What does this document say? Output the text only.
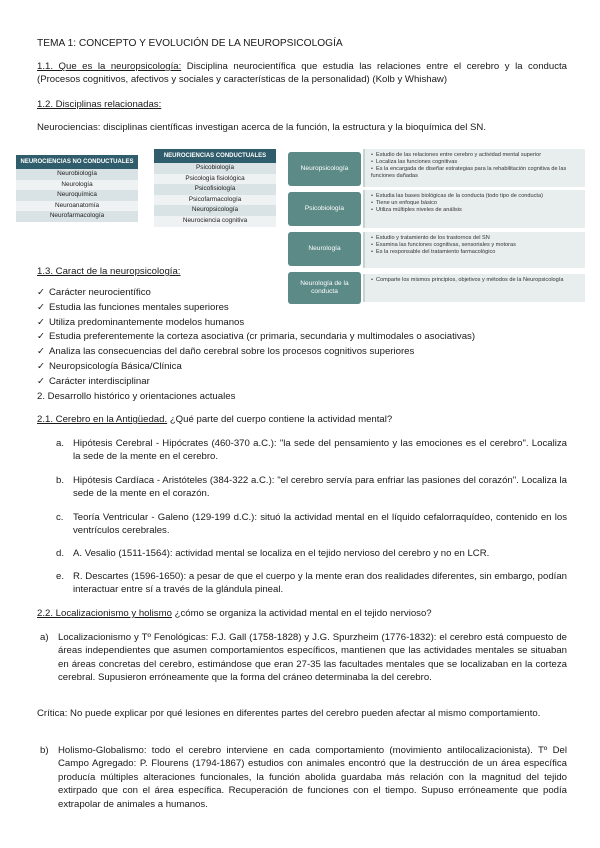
TEMA 1: CONCEPTO Y EVOLUCIÓN DE LA NEUROPSICOLOGÍA
1.1. Que es la neuropsicología: Disciplina neurocientífica que estudia las relaciones entre el cerebro y la conducta (Procesos cognitivos, afectivos y sociales y características de la personalidad) (Kolb y Whishaw)
1.2. Disciplinas relacionadas:
Neurociencias: disciplinas científicas investigan acerca de la función, la estructura y la bioquímica del SN.
NEUROCIENCIAS NO CONDUCTUALES
Neurobiología
Neurología
Neuroquímica
Neuroanatomía
Neurofarmacología
NEUROCIENCIAS CONDUCTUALES
Psicobiología
Psicología fisiológica
Psicofisiología
Psicofarmacología
Neuropsicología
Neurociencia cognitiva
Neuropsicología
• Estudio de las relaciones entre cerebro y actividad mental superior
• Localiza las funciones cognitivas
• Es la encargada de diseñar estrategias para la rehabilitación cognitiva de las funciones dañadas
Psicobiología
• Estudia las bases biológicas de la conducta (todo tipo de conducta)
• Tiene un enfoque básico
• Utiliza múltiples niveles de análisis
Neurología
• Estudio y tratamiento de los trastornos del SN
• Examina las funciones cognitivas, sensoriales y motoras
• Es la responsable del tratamiento farmacológico
Neurología de la conducta
• Comparte los mismos principios, objetivos y métodos de la Neuropsicología
1.3. Caract de la neuropsicología:
✓ Carácter neurocientífico
✓ Estudia las funciones mentales superiores
✓ Utiliza predominantemente modelos humanos
✓ Estudia preferentemente la corteza asociativa (cr primaria, secundaria y multimodales o asociativas)
✓ Analiza las consecuencias del daño cerebral sobre los procesos cognitivos superiores
✓ Neuropsicología Básica/Clínica
✓ Carácter interdisciplinar
2. Desarrollo histórico y orientaciones actuales
2.1. Cerebro en la Antigüedad. ¿Qué parte del cuerpo contiene la actividad mental?
a. Hipótesis Cerebral - Hipócrates (460-370 a.C.): "la sede del pensamiento y las emociones es el cerebro". Localiza la sede de la mente en el cerebro.
b. Hipótesis Cardíaca - Aristóteles (384-322 a.C.): "el cerebro servía para enfriar las pasiones del corazón". Localiza la sede de la mente en el corazón.
c. Teoría Ventricular - Galeno (129-199 d.C.): situó la actividad mental en el líquido cefalorraquídeo, contenido en los ventrículos cerebrales.
d. A. Vesalio (1511-1564): actividad mental se localiza en el tejido nervioso del cerebro y no en LCR.
e. R. Descartes (1596-1650): a pesar de que el cuerpo y la mente eran dos realidades diferentes, sin embargo, podían interactuar entre sí a través de la glándula pineal.
2.2. Localizacionismo y holismo ¿cómo se organiza la actividad mental en el tejido nervioso?
a) Localizacionismo y Tº Fenológicas: F.J. Gall (1758-1828) y J.G. Spurzheim (1776-1832): el cerebro está compuesto de áreas independientes que asumen comportamientos específicos, mantienen que las actividades mentales se situaban en áreas concretas del cerebro, estimándose que eran 27-35 las facultades mentales que se localizaban en la corteza cerebral. Supusieron erróneamente que la forma del cráneo determinaba la del cerebro.
Crítica: No puede explicar por qué lesiones en diferentes partes del cerebro pueden afectar al mismo comportamiento.
b) Holismo-Globalismo: todo el cerebro interviene en cada comportamiento (movimiento antilocalizacionista). Tº Del Campo Agregado: P. Flourens (1794-1867) estudios con animales encontró que la destrucción de un área específica producía múltiples alteraciones funcionales, la función abolida guardaba más relación con la magnitud del tejido extirpado que con el área específica. Recuperación de funciones con el tiempo. Supuso erróneamente que podía extrapolar de animales a humanos.
